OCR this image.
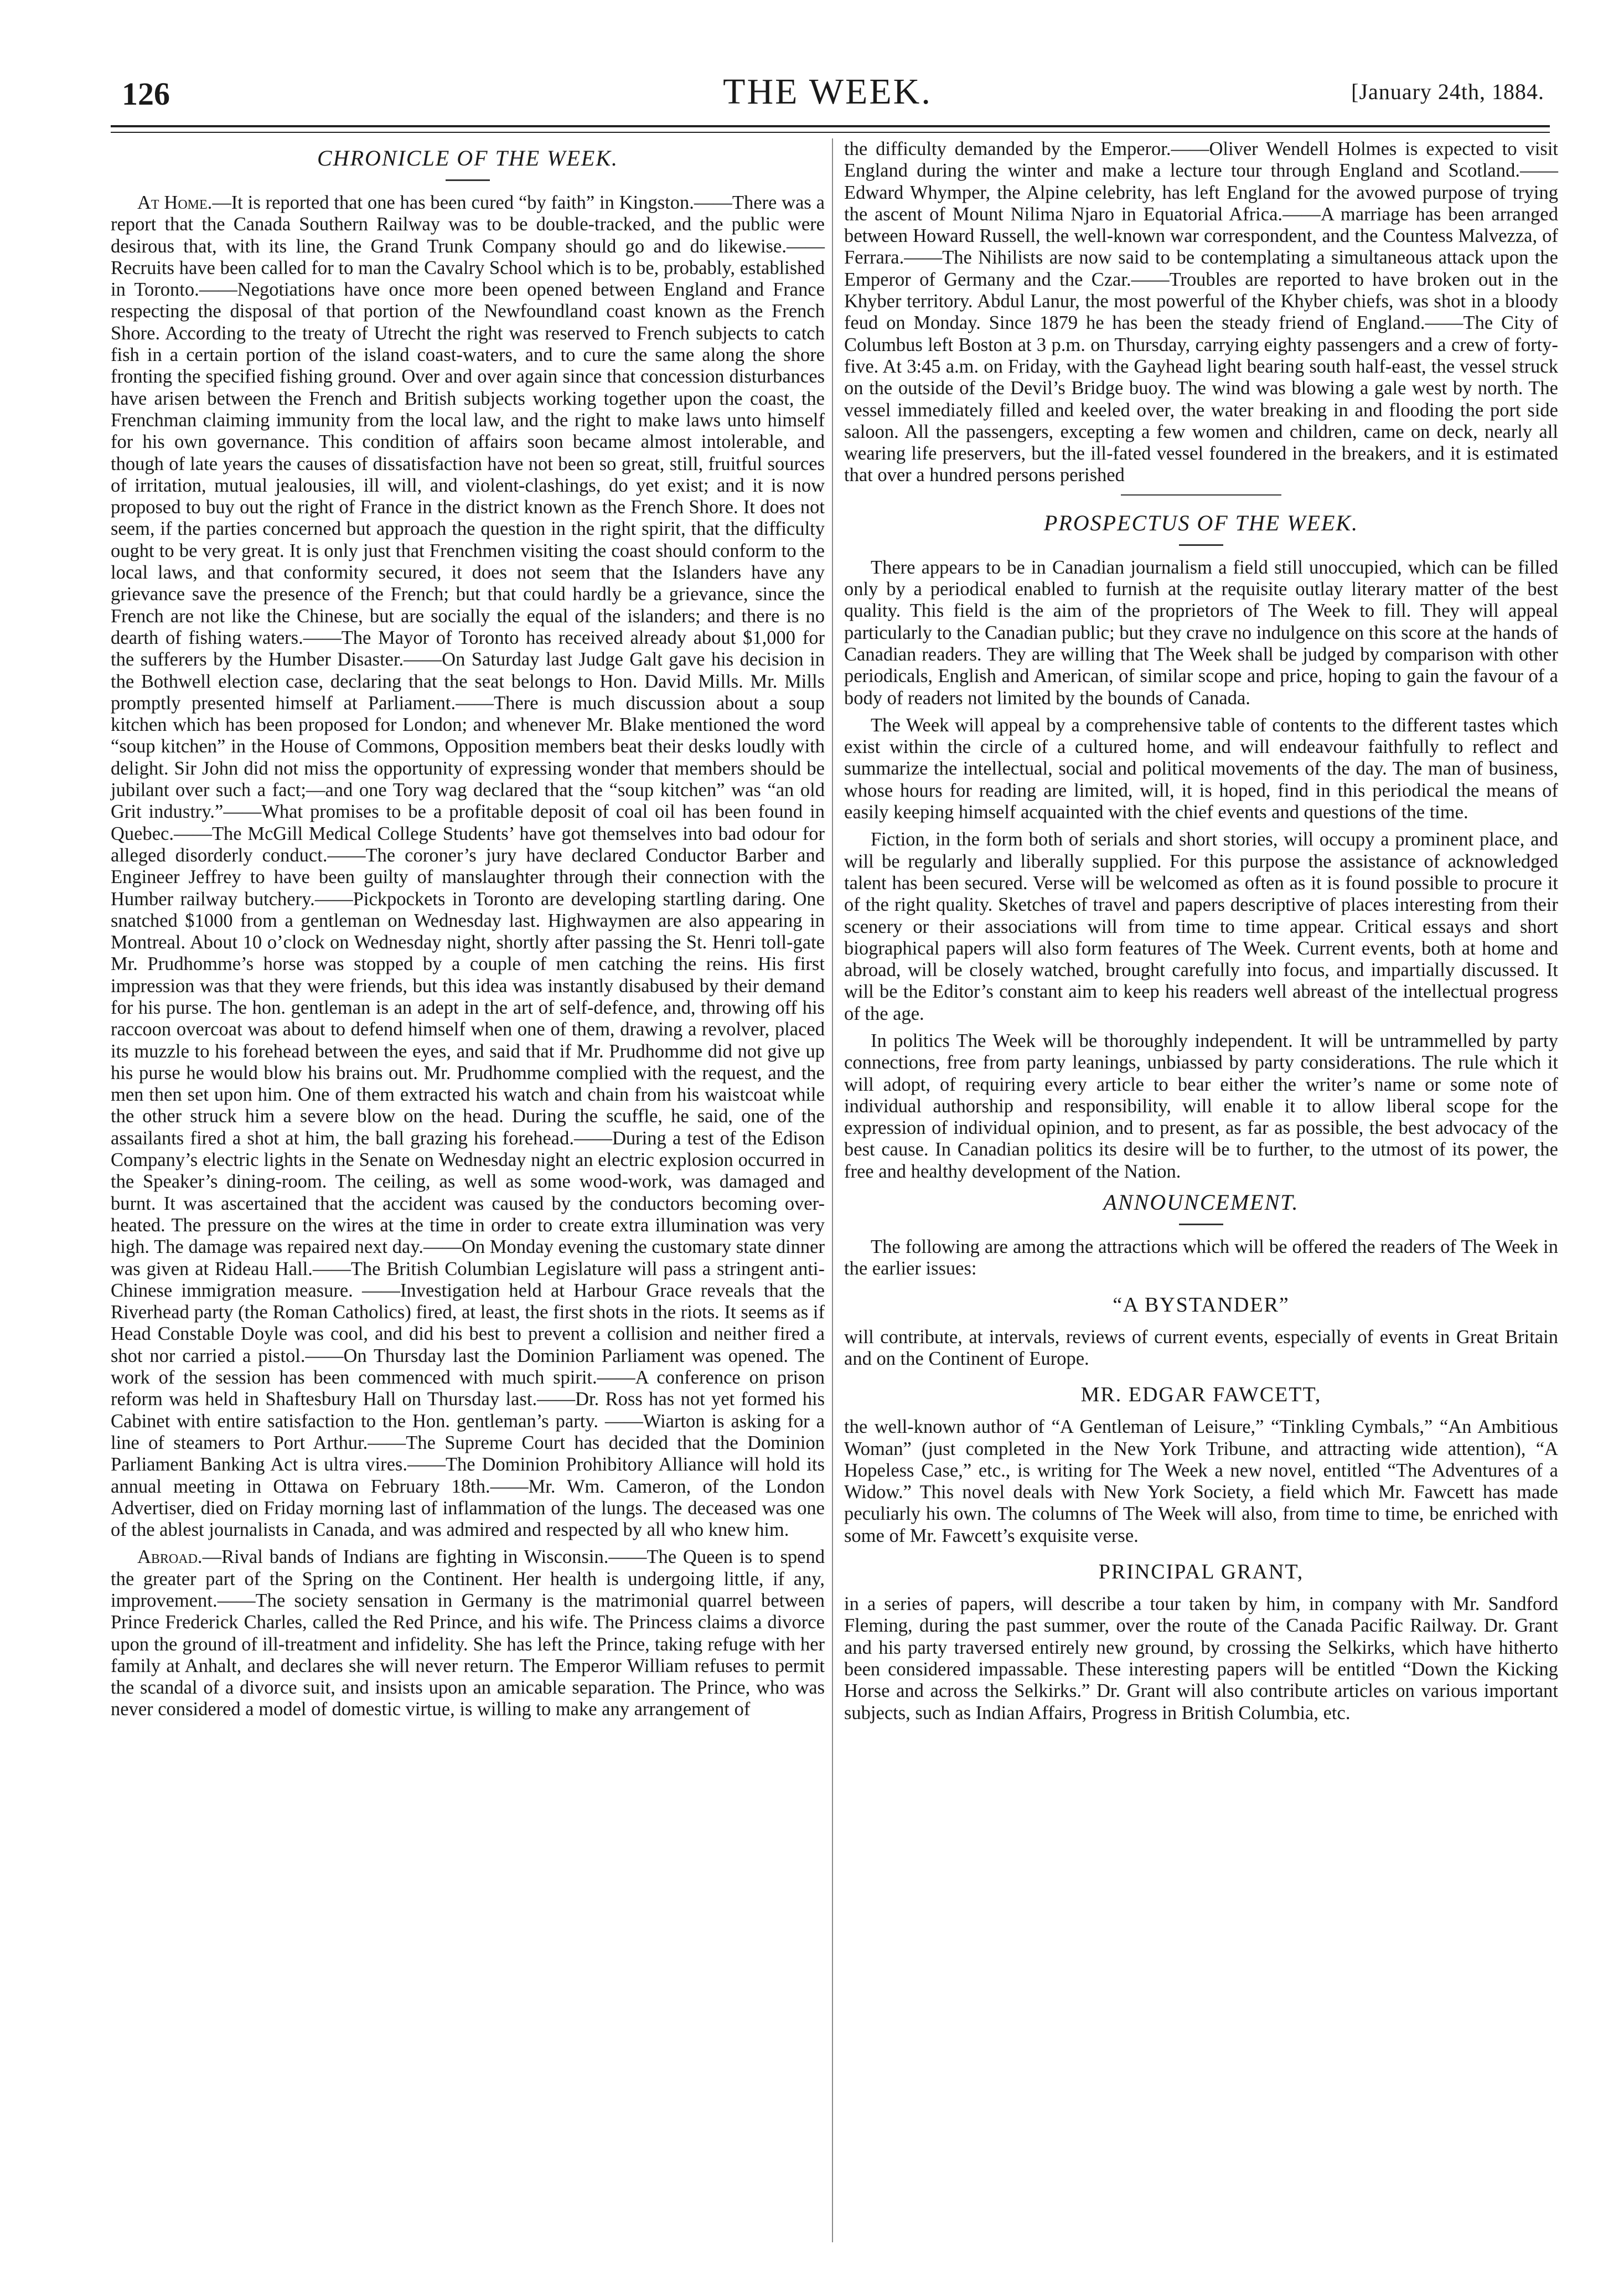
126	THE WEEK.	[January 24th, 1884.
CHRONICLE OF THE WEEK.

At Home.—It is reported that one has been cured “by faith” in Kingston.——There was a report that the Canada Southern Railway was to be double-tracked, and the public were desirous that, with its line, the Grand Trunk Company should go and do likewise.——Recruits have been called for to man the Cavalry School which is to be, probably, established in Toronto.——Negotiations have once more been opened between England and France respecting the disposal of that portion of the Newfoundland coast known as the French Shore. According to the treaty of Utrecht the right was reserved to French subjects to catch fish in a certain portion of the island coast-waters, and to cure the same along the shore fronting the specified fishing ground. Over and over again since that concession disturbances have arisen between the French and British subjects working together upon the coast, the Frenchman claiming immunity from the local law, and the right to make laws unto himself for his own governance. This condition of affairs soon became almost intolerable, and though of late years the causes of dissatisfaction have not been so great, still, fruitful sources of irritation, mutual jealousies, ill will, and violent-clashings, do yet exist; and it is now proposed to buy out the right of France in the district known as the French Shore. It does not seem, if the parties concerned but approach the question in the right spirit, that the difficulty ought to be very great. It is only just that Frenchmen visiting the coast should conform to the local laws, and that conformity secured, it does not seem that the Islanders have any grievance save the presence of the French; but that could hardly be a grievance, since the French are not like the Chinese, but are socially the equal of the islanders; and there is no dearth of fishing waters.——The Mayor of Toronto has received already about $1,000 for the sufferers by the Humber Disaster.——On Saturday last Judge Galt gave his decision in the Bothwell election case, declaring that the seat belongs to Hon. David Mills. Mr. Mills promptly presented himself at Parliament.——There is much discussion about a soup kitchen which has been proposed for London; and whenever Mr. Blake mentioned the word “soup kitchen” in the House of Commons, Opposition members beat their desks loudly with delight. Sir John did not miss the opportunity of expressing wonder that members should be jubilant over such a fact;—and one Tory wag declared that the “soup kitchen” was “an old Grit industry.”——What promises to be a profitable deposit of coal oil has been found in Quebec.——The McGill Medical College Students’ have got themselves into bad odour for alleged disorderly conduct.——The coroner’s jury have declared Conductor Barber and Engineer Jeffrey to have been guilty of manslaughter through their connection with the Humber railway butchery.——Pickpockets in Toronto are developing startling daring. One snatched $1000 from a gentleman on Wednesday last. Highwaymen are also appearing in Montreal. About 10 o’clock on Wednesday night, shortly after passing the St. Henri toll-gate Mr. Prudhomme’s horse was stopped by a couple of men catching the reins. His first impression was that they were friends, but this idea was instantly disabused by their demand for his purse. The hon. gentleman is an adept in the art of self-defence, and, throwing off his raccoon overcoat was about to defend himself when one of them, drawing a revolver, placed its muzzle to his forehead between the eyes, and said that if Mr. Prudhomme did not give up his purse he would blow his brains out. Mr. Prudhomme complied with the request, and the men then set upon him. One of them extracted his watch and chain from his waistcoat while the other struck him a severe blow on the head. During the scuffle, he said, one of the assailants fired a shot at him, the ball grazing his forehead.——During a test of the Edison Company’s electric lights in the Senate on Wednesday night an electric explosion occurred in the Speaker’s dining-room. The ceiling, as well as some wood-work, was damaged and burnt. It was ascertained that the accident was caused by the conductors becoming over-heated. The pressure on the wires at the time in order to create extra illumination was very high. The damage was repaired next day.——On Monday evening the customary state dinner was given at Rideau Hall.——The British Columbian Legislature will pass a stringent anti-Chinese immigration measure. ——Investigation held at Harbour Grace reveals that the Riverhead party (the Roman Catholics) fired, at least, the first shots in the riots. It seems as if Head Constable Doyle was cool, and did his best to prevent a collision and neither fired a shot nor carried a pistol.——On Thursday last the Dominion Parliament was opened. The work of the session has been commenced with much spirit.——A conference on prison reform was held in Shaftesbury Hall on Thursday last.——Dr. Ross has not yet formed his Cabinet with entire satisfaction to the Hon. gentleman’s party. ——Wiarton is asking for a line of steamers to Port Arthur.——The Supreme Court has decided that the Dominion Parliament Banking Act is ultra vires.——The Dominion Prohibitory Alliance will hold its annual meeting in Ottawa on February 18th.——Mr. Wm. Cameron, of the London Advertiser, died on Friday morning last of inflammation of the lungs. The deceased was one of the ablest journalists in Canada, and was admired and respected by all who knew him.

Abroad.—Rival bands of Indians are fighting in Wisconsin.——The Queen is to spend the greater part of the Spring on the Continent. Her health is undergoing little, if any, improvement.——The society sensation in Germany is the matrimonial quarrel between Prince Frederick Charles, called the Red Prince, and his wife. The Princess claims a divorce upon the ground of ill-treatment and infidelity. She has left the Prince, taking refuge with her family at Anhalt, and declares she will never return. The Emperor William refuses to permit the scandal of a divorce suit, and insists upon an amicable separation. The Prince, who was never considered a model of domestic virtue, is willing to make any arrangement of

the difficulty demanded by the Emperor.——Oliver Wendell Holmes is expected to visit England during the winter and make a lecture tour through England and Scotland.——Edward Whymper, the Alpine celebrity, has left England for the avowed purpose of trying the ascent of Mount Nilima Njaro in Equatorial Africa.——A marriage has been arranged between Howard Russell, the well-known war correspondent, and the Countess Malvezza, of Ferrara.——The Nihilists are now said to be contemplating a simultaneous attack upon the Emperor of Germany and the Czar.——Troubles are reported to have broken out in the Khyber territory. Abdul Lanur, the most powerful of the Khyber chiefs, was shot in a bloody feud on Monday. Since 1879 he has been the steady friend of England.——The City of Columbus left Boston at 3 p.m. on Thursday, carrying eighty passengers and a crew of forty-five. At 3:45 a.m. on Friday, with the Gayhead light bearing south half-east, the vessel struck on the outside of the Devil’s Bridge buoy. The wind was blowing a gale west by north. The vessel immediately filled and keeled over, the water breaking in and flooding the port side saloon. All the passengers, excepting a few women and children, came on deck, nearly all wearing life preservers, but the ill-fated vessel foundered in the breakers, and it is estimated that over a hundred persons perished

PROSPECTUS OF THE WEEK.

There appears to be in Canadian journalism a field still unoccupied, which can be filled only by a periodical enabled to furnish at the requisite outlay literary matter of the best quality. This field is the aim of the proprietors of The Week to fill. They will appeal particularly to the Canadian public; but they crave no indulgence on this score at the hands of Canadian readers. They are willing that The Week shall be judged by comparison with other periodicals, English and American, of similar scope and price, hoping to gain the favour of a body of readers not limited by the bounds of Canada.

The Week will appeal by a comprehensive table of contents to the different tastes which exist within the circle of a cultured home, and will endeavour faithfully to reflect and summarize the intellectual, social and political movements of the day. The man of business, whose hours for reading are limited, will, it is hoped, find in this periodical the means of easily keeping himself acquainted with the chief events and questions of the time.

Fiction, in the form both of serials and short stories, will occupy a prominent place, and will be regularly and liberally supplied. For this purpose the assistance of acknowledged talent has been secured. Verse will be welcomed as often as it is found possible to procure it of the right quality. Sketches of travel and papers descriptive of places interesting from their scenery or their associations will from time to time appear. Critical essays and short biographical papers will also form features of The Week. Current events, both at home and abroad, will be closely watched, brought carefully into focus, and impartially discussed. It will be the Editor’s constant aim to keep his readers well abreast of the intellectual progress of the age.

In politics The Week will be thoroughly independent. It will be untrammelled by party connections, free from party leanings, unbiassed by party considerations. The rule which it will adopt, of requiring every article to bear either the writer’s name or some note of individual authorship and responsibility, will enable it to allow liberal scope for the expression of individual opinion, and to present, as far as possible, the best advocacy of the best cause. In Canadian politics its desire will be to further, to the utmost of its power, the free and healthy development of the Nation.

ANNOUNCEMENT.

The following are among the attractions which will be offered the readers of The Week in the earlier issues:

“A BYSTANDER”

will contribute, at intervals, reviews of current events, especially of events in Great Britain and on the Continent of Europe.

MR. EDGAR FAWCETT,

the well-known author of “A Gentleman of Leisure,” “Tinkling Cymbals,” “An Ambitious Woman” (just completed in the New York Tribune, and attracting wide attention), “A Hopeless Case,” etc., is writing for The Week a new novel, entitled “The Adventures of a Widow.” This novel deals with New York Society, a field which Mr. Fawcett has made peculiarly his own. The columns of The Week will also, from time to time, be enriched with some of Mr. Fawcett’s exquisite verse.

PRINCIPAL GRANT,

in a series of papers, will describe a tour taken by him, in company with Mr. Sandford Fleming, during the past summer, over the route of the Canada Pacific Railway. Dr. Grant and his party traversed entirely new ground, by crossing the Selkirks, which have hitherto been considered impassable. These interesting papers will be entitled “Down the Kicking Horse and across the Selkirks.” Dr. Grant will also contribute articles on various important subjects, such as Indian Affairs, Progress in British Columbia, etc.
